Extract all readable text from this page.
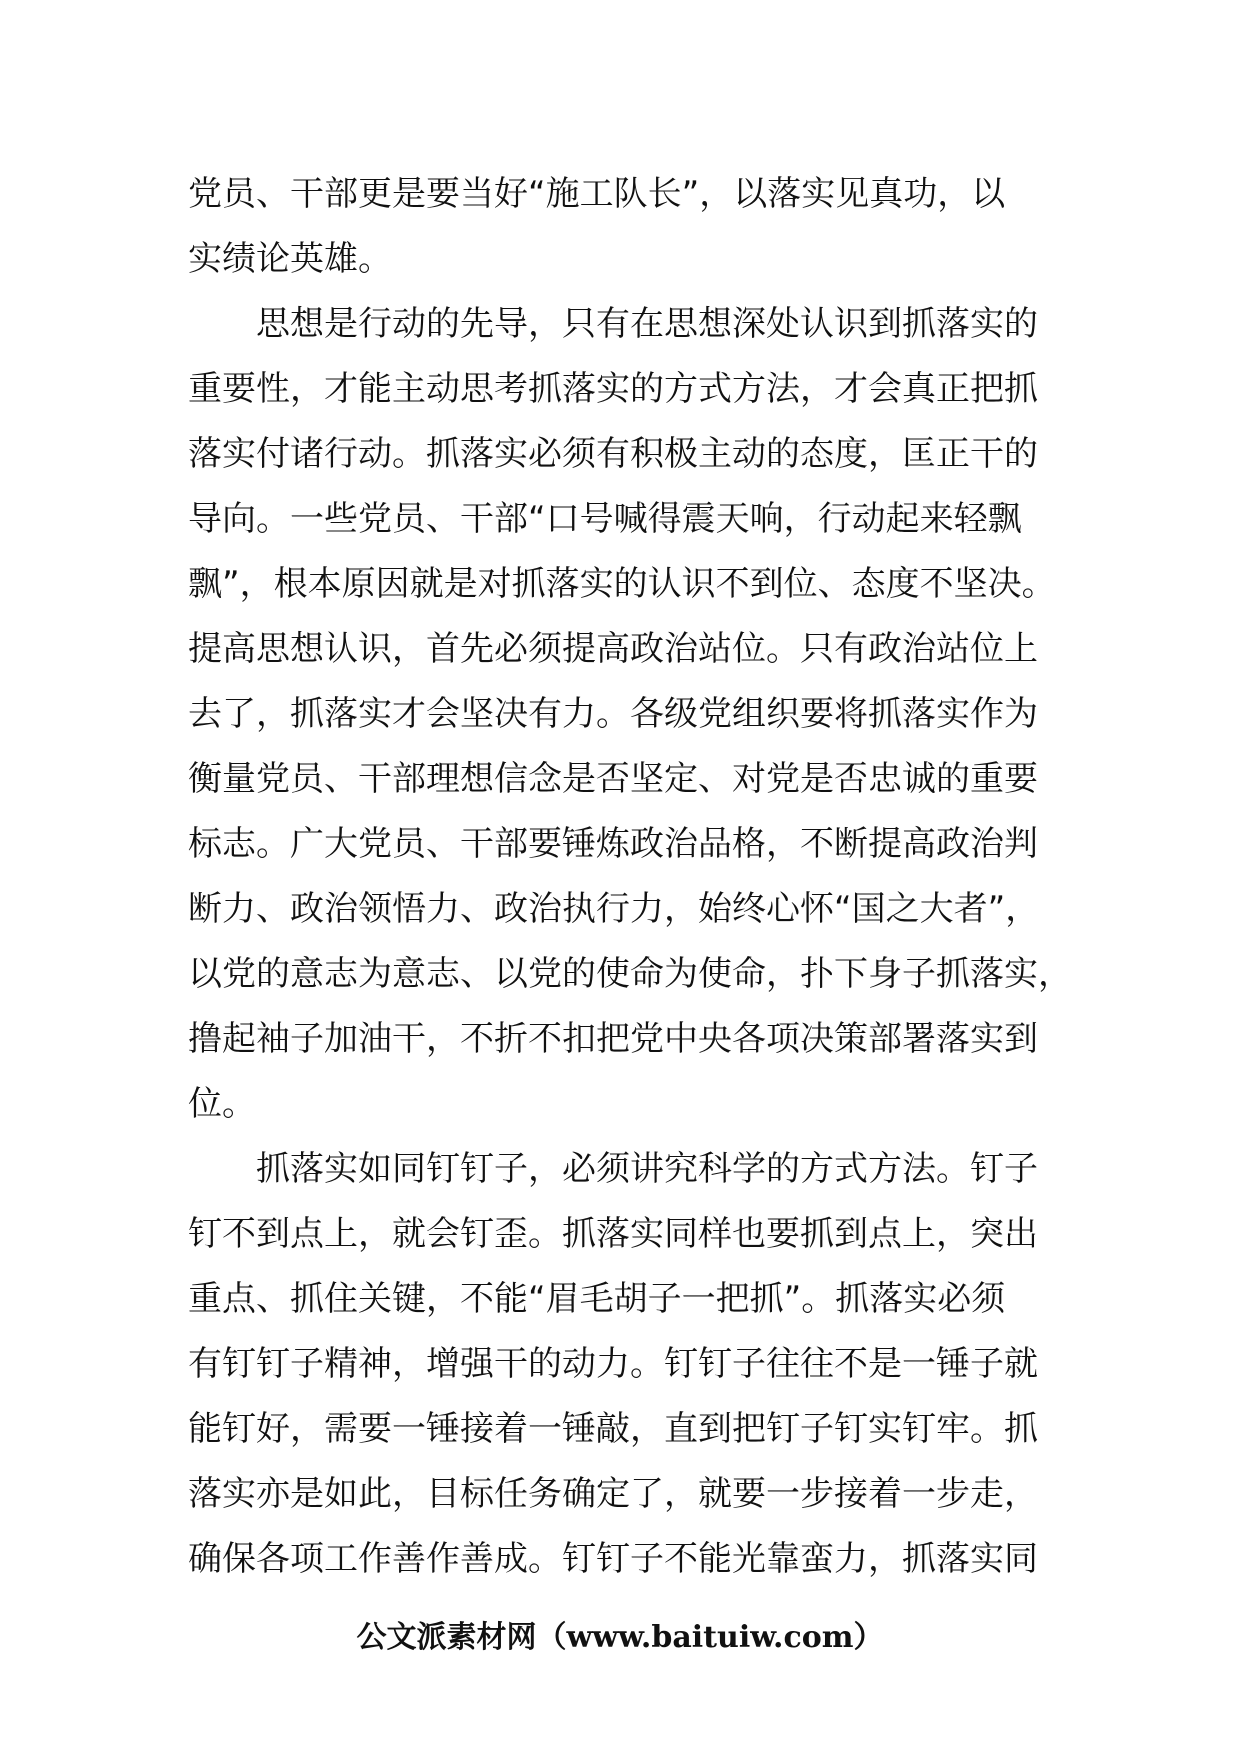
党员、干部更是要当好“施工队长”，以落实见真功，以
实绩论英雄。
思想是行动的先导，只有在思想深处认识到抓落实的
重要性，才能主动思考抓落实的方式方法，才会真正把抓
落实付诸行动。抓落实必须有积极主动的态度，匡正干的
导向。一些党员、干部“口号喊得震天响，行动起来轻飘
飘”，根本原因就是对抓落实的认识不到位、态度不坚决。
提高思想认识，首先必须提高政治站位。只有政治站位上
去了，抓落实才会坚决有力。各级党组织要将抓落实作为
衡量党员、干部理想信念是否坚定、对党是否忠诚的重要
标志。广大党员、干部要锤炼政治品格，不断提高政治判
断力、政治领悟力、政治执行力，始终心怀“国之大者”，
以党的意志为意志、以党的使命为使命，扑下身子抓落实，
撸起袖子加油干，不折不扣把党中央各项决策部署落实到
位。
抓落实如同钉钉子，必须讲究科学的方式方法。钉子
钉不到点上，就会钉歪。抓落实同样也要抓到点上，突出
重点、抓住关键，不能“眉毛胡子一把抓”。抓落实必须
有钉钉子精神，增强干的动力。钉钉子往往不是一锤子就
能钉好，需要一锤接着一锤敲，直到把钉子钉实钉牢。抓
落实亦是如此，目标任务确定了，就要一步接着一步走，
确保各项工作善作善成。钉钉子不能光靠蛮力，抓落实同
公文派素材网（www.baituiw.com）
